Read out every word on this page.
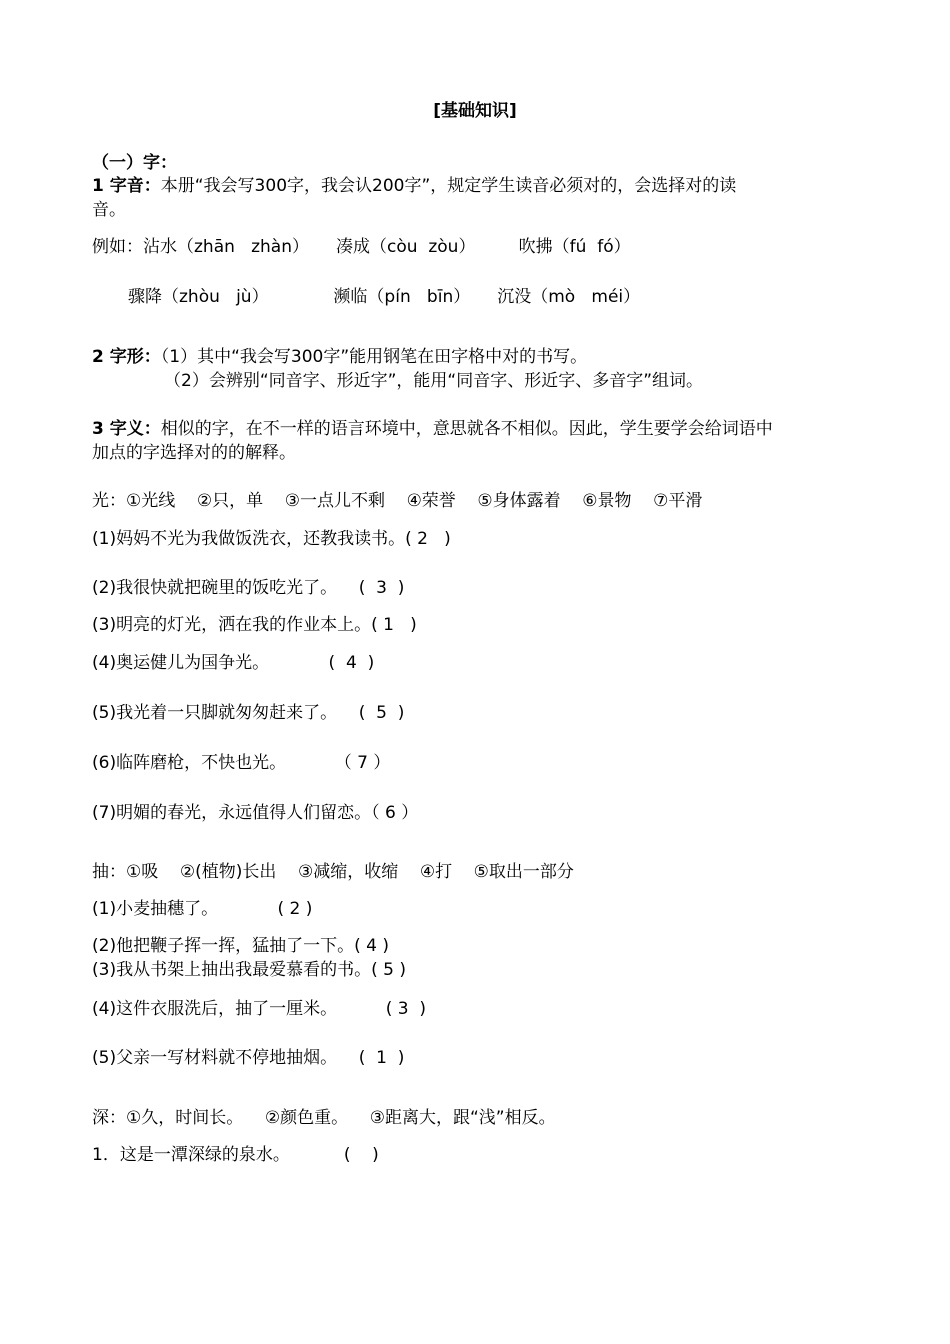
[基础知识]
（一）字：
1 字音：本册“我会写300字，我会认200字”，规定学生读音必须对的，会选择对的读
音。
例如：沾水（zhān   zhàn）     凑成（còu  zòu）        吹拂（fú  fó）
骤降（zhòu   jù）            濒临（pín   bīn）     沉没（mò   méi）
2 字形：（1）其中“我会写300字”能用钢笔在田字格中对的书写。
（2）会辨别“同音字、形近字”，能用“同音字、形近字、多音字”组词。
3 字义：相似的字，在不一样的语言环境中，意思就各不相似。因此，学生要学会给词语中
加点的字选择对的的解释。
光：①光线    ②只，单    ③一点儿不剩    ④荣誉    ⑤身体露着    ⑥景物    ⑦平滑
(1)妈妈不光为我做饭洗衣，还教我读书。( 2   )
(2)我很快就把碗里的饭吃光了。    (  3  )
(3)明亮的灯光，洒在我的作业本上。( 1   )
(4)奥运健儿为国争光。           (  4  )
(5)我光着一只脚就匆匆赶来了。    (  5  )
(6)临阵磨枪，不快也光。         （ 7 ）
(7)明媚的春光，永远值得人们留恋。（ 6 ）
抽：①吸    ②(植物)长出    ③减缩，收缩    ④打    ⑤取出一部分
(1)小麦抽穗了。           ( 2 )
(2)他把鞭子挥一挥，猛抽了一下。( 4 )
(3)我从书架上抽出我最爱慕看的书。( 5 )
(4)这件衣服洗后，抽了一厘米。         ( 3  )
(5)父亲一写材料就不停地抽烟。    (  1  )
深：①久，时间长。    ②颜色重。    ③距离大，跟“浅”相反。
1．这是一潭深绿的泉水。          (    )
